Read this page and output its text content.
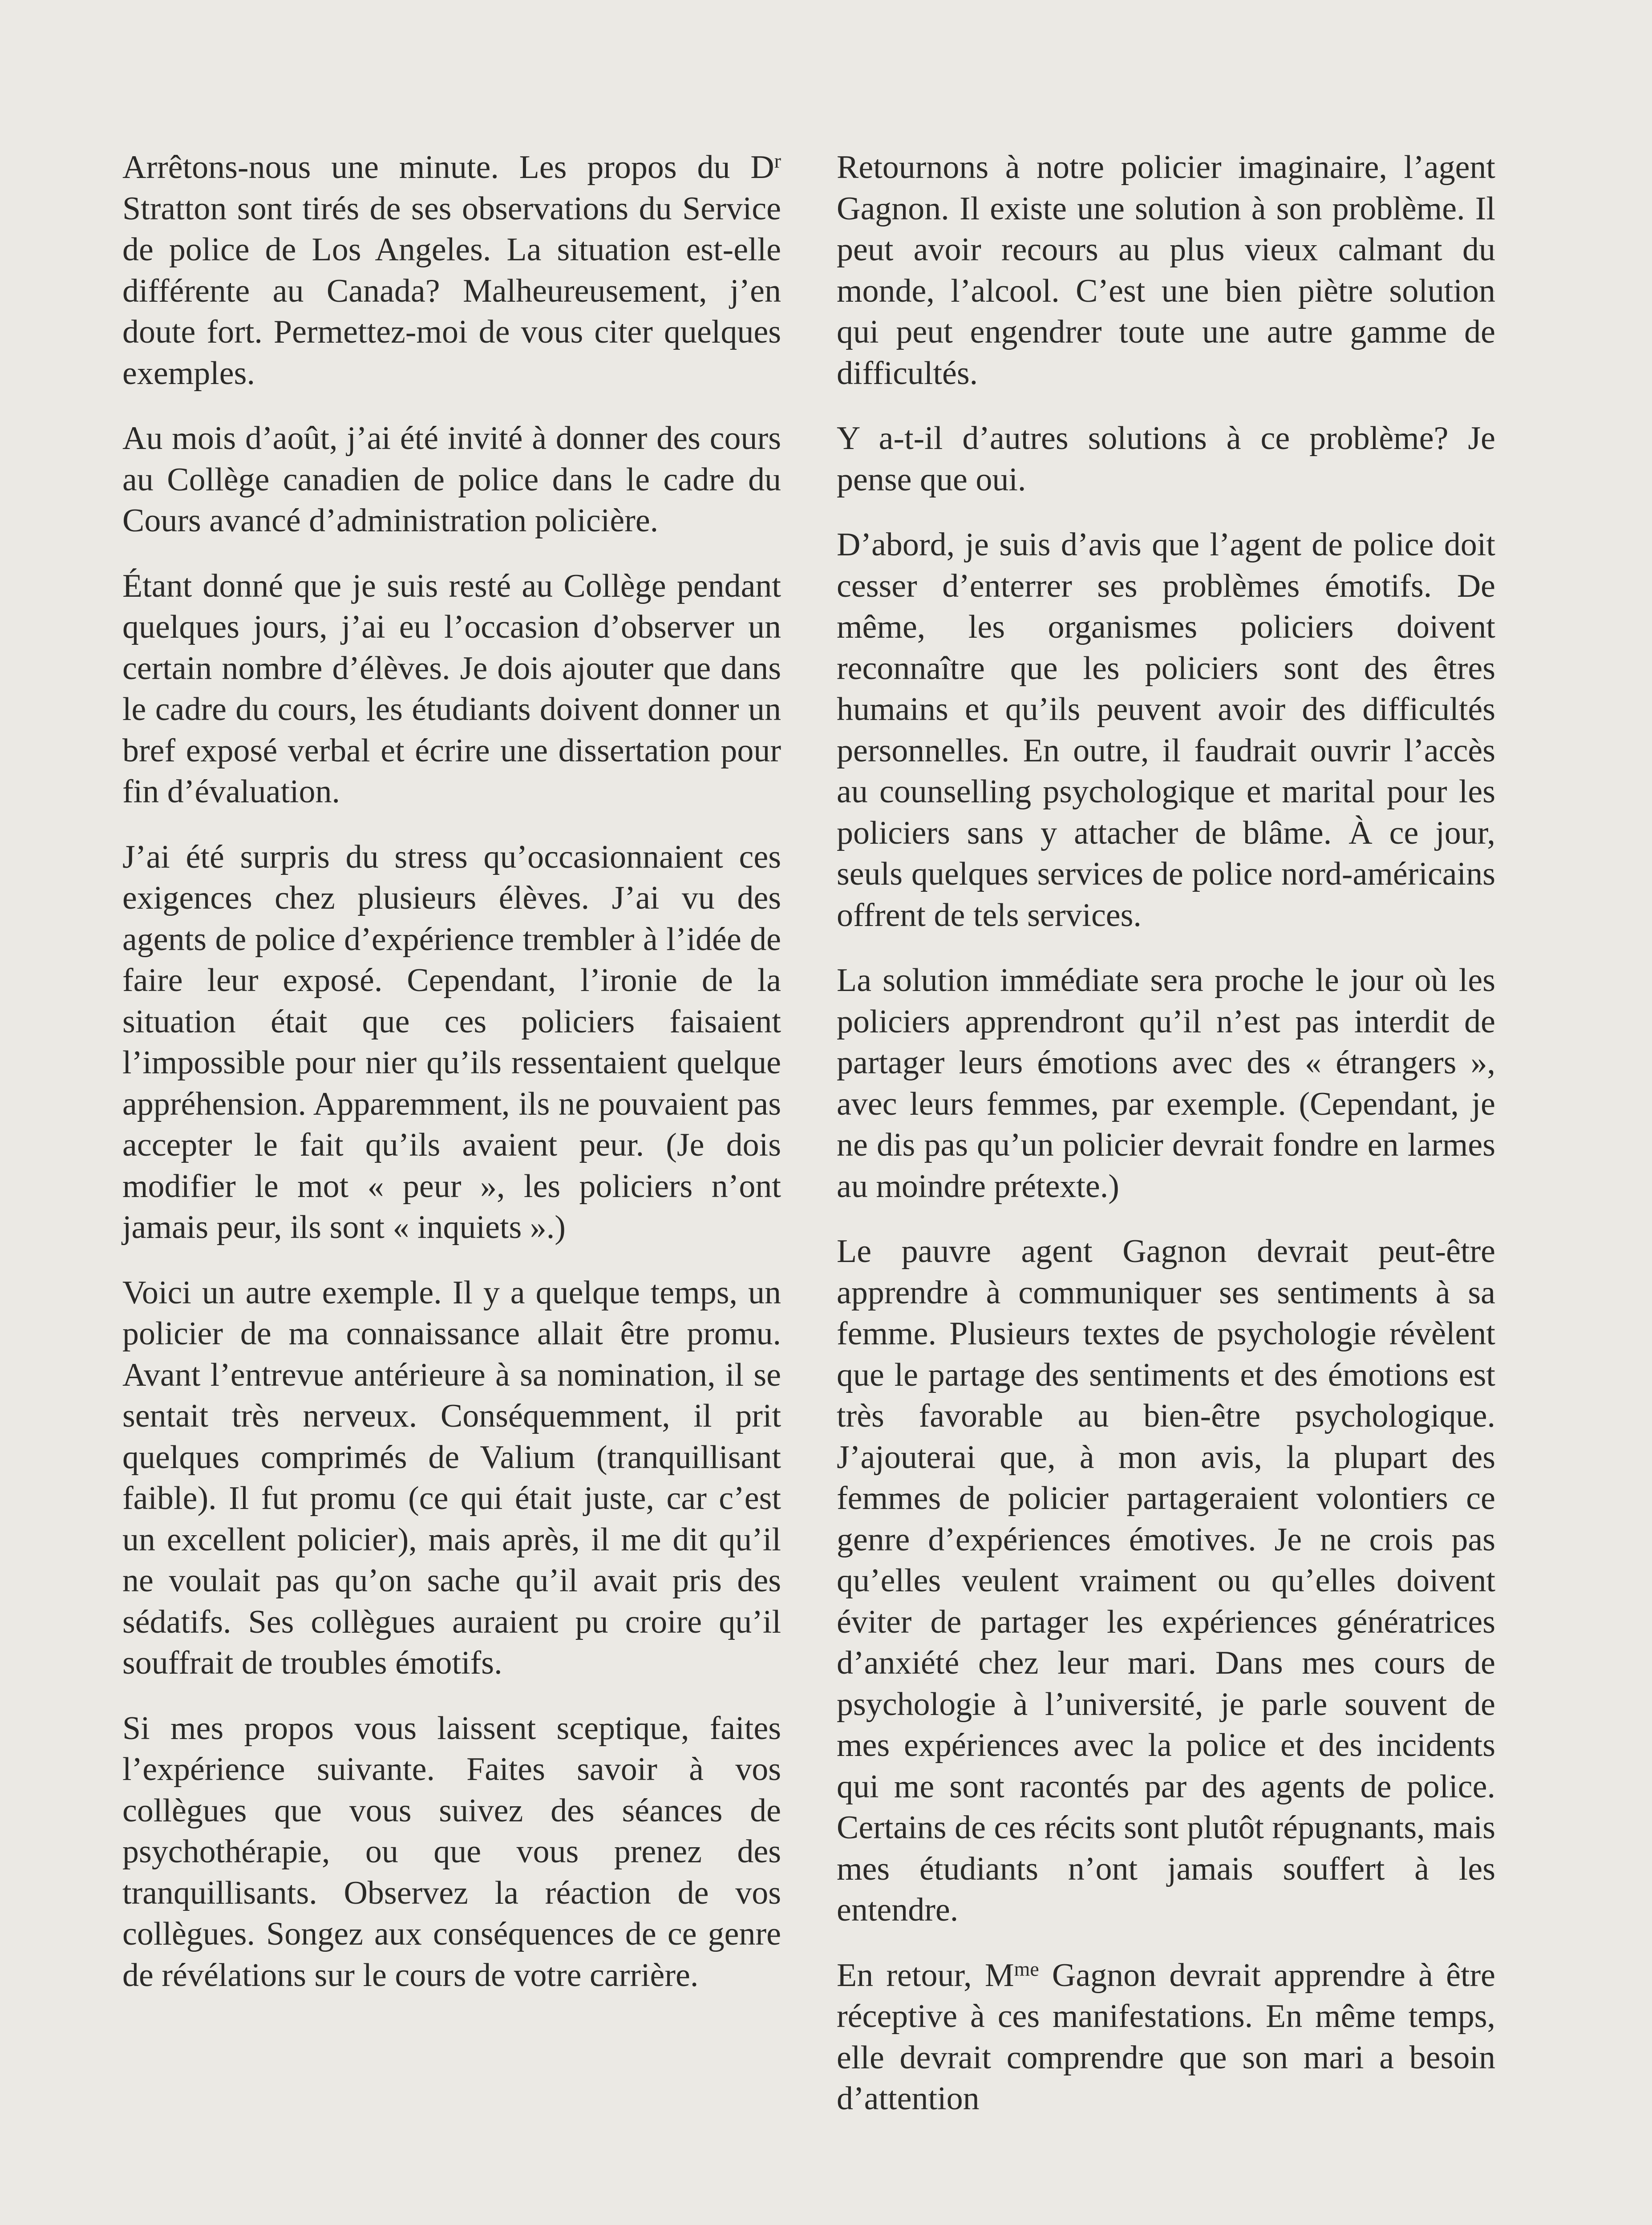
Arrêtons-nous une minute. Les propos du $D^r$ Stratton sont tirés de ses observations du Service de police de Los Angeles. La situation est-elle différente au Canada? Malheureusement, j’en doute fort. Permettez-moi de vous citer quelques exemples.

Au mois d’août, j’ai été invité à donner des cours au Collège canadien de police dans le cadre du Cours avancé d’administration policière.

Étant donné que je suis resté au Collège pendant quelques jours, j’ai eu l’occasion d’observer un certain nombre d’élèves. Je dois ajouter que dans le cadre du cours, les étudiants doivent donner un bref exposé verbal et écrire une dissertation pour fin d’évaluation.

J’ai été surpris du stress qu’occasionnaient ces exigences chez plusieurs élèves. J’ai vu des agents de police d’expérience trembler à l’idée de faire leur exposé. Cependant, l’ironie de la situation était que ces policiers faisaient l’impossible pour nier qu’ils ressentaient quelque appréhension. Apparemment, ils ne pouvaient pas accepter le fait qu’ils avaient peur. (Je dois modifier le mot « peur », les policiers n’ont jamais peur, ils sont « inquiets ».)

Voici un autre exemple. Il y a quelque temps, un policier de ma connaissance allait être promu. Avant l’entrevue antérieure à sa nomination, il se sentait très nerveux. Conséquemment, il prit quelques comprimés de Valium (tranquillisant faible). Il fut promu (ce qui était juste, car c’est un excellent policier), mais après, il me dit qu’il ne voulait pas qu’on sache qu’il avait pris des sédatifs. Ses collègues auraient pu croire qu’il souffrait de troubles émotifs.

Si mes propos vous laissent sceptique, faites l’expérience suivante. Faites savoir à vos collègues que vous suivez des séances de psychothérapie, ou que vous prenez des tranquillisants. Observez la réaction de vos collègues. Songez aux conséquences de ce genre de révélations sur le cours de votre carrière.

Retournons à notre policier imaginaire, l’agent Gagnon. Il existe une solution à son problème. Il peut avoir recours au plus vieux calmant du monde, l’alcool. C’est une bien piètre solution qui peut engendrer toute une autre gamme de difficultés.

Y a-t-il d’autres solutions à ce problème? Je pense que oui.

D’abord, je suis d’avis que l’agent de police doit cesser d’enterrer ses problèmes émotifs. De même, les organismes policiers doivent reconnaître que les policiers sont des êtres humains et qu’ils peuvent avoir des difficultés personnelles. En outre, il faudrait ouvrir l’accès au counselling psychologique et marital pour les policiers sans y attacher de blâme. À ce jour, seuls quelques services de police nord-américains offrent de tels services.

La solution immédiate sera proche le jour où les policiers apprendront qu’il n’est pas interdit de partager leurs émotions avec des « étrangers », avec leurs femmes, par exemple. (Cependant, je ne dis pas qu’un policier devrait fondre en larmes au moindre prétexte.)

Le pauvre agent Gagnon devrait peut-être apprendre à communiquer ses sentiments à sa femme. Plusieurs textes de psychologie révèlent que le partage des sentiments et des émotions est très favorable au bien-être psychologique. J’ajouterai que, à mon avis, la plupart des femmes de policier partageraient volontiers ce genre d’expériences émotives. Je ne crois pas qu’elles veulent vraiment ou qu’elles doivent éviter de partager les expériences génératrices d’anxiété chez leur mari. Dans mes cours de psychologie à l’université, je parle souvent de mes expériences avec la police et des incidents qui me sont racontés par des agents de police. Certains de ces récits sont plutôt répugnants, mais mes étudiants n’ont jamais souffert à les entendre.

En retour, $M^{me}$ Gagnon devrait apprendre à être réceptive à ces manifestations. En même temps, elle devrait comprendre que son mari a besoin d’attention
